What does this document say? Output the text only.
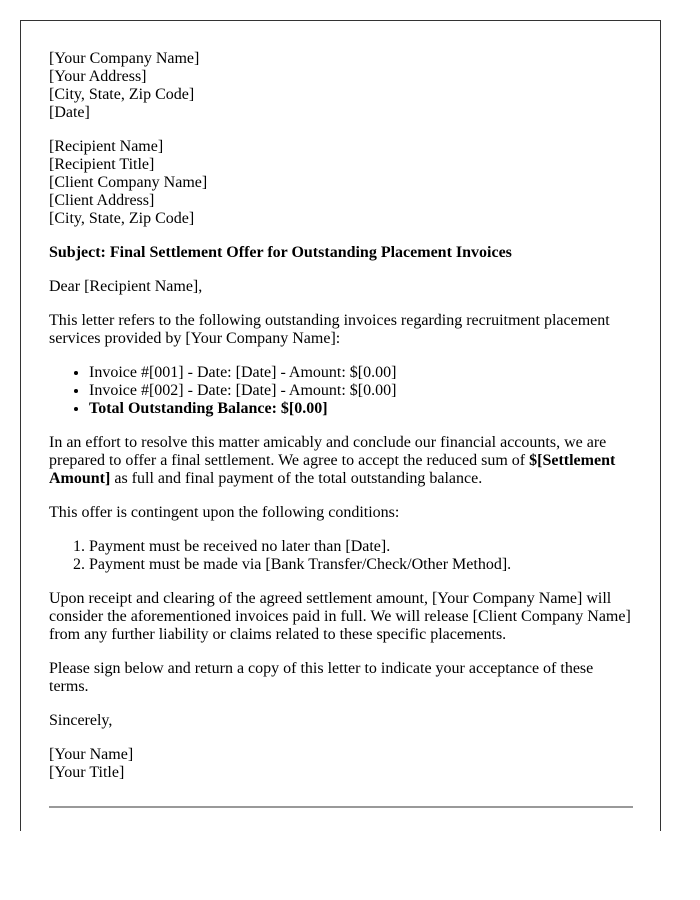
[Your Company Name]
[Your Address]
[City, State, Zip Code]
[Date]
[Recipient Name]
[Recipient Title]
[Client Company Name]
[Client Address]
[City, State, Zip Code]

Subject: Final Settlement Offer for Outstanding Placement Invoices

Dear [Recipient Name],

This letter refers to the following outstanding invoices regarding recruitment placement services provided by [Your Company Name]:

• Invoice #[001] - Date: [Date] - Amount: $[0.00]
• Invoice #[002] - Date: [Date] - Amount: $[0.00]
• Total Outstanding Balance: $[0.00]

In an effort to resolve this matter amicably and conclude our financial accounts, we are prepared to offer a final settlement. We agree to accept the reduced sum of $[Settlement Amount] as full and final payment of the total outstanding balance.

This offer is contingent upon the following conditions:

1. Payment must be received no later than [Date].
2. Payment must be made via [Bank Transfer/Check/Other Method].

Upon receipt and clearing of the agreed settlement amount, [Your Company Name] will consider the aforementioned invoices paid in full. We will release [Client Company Name] from any further liability or claims related to these specific placements.

Please sign below and return a copy of this letter to indicate your acceptance of these terms.

Sincerely,

[Your Name]
[Your Title]
